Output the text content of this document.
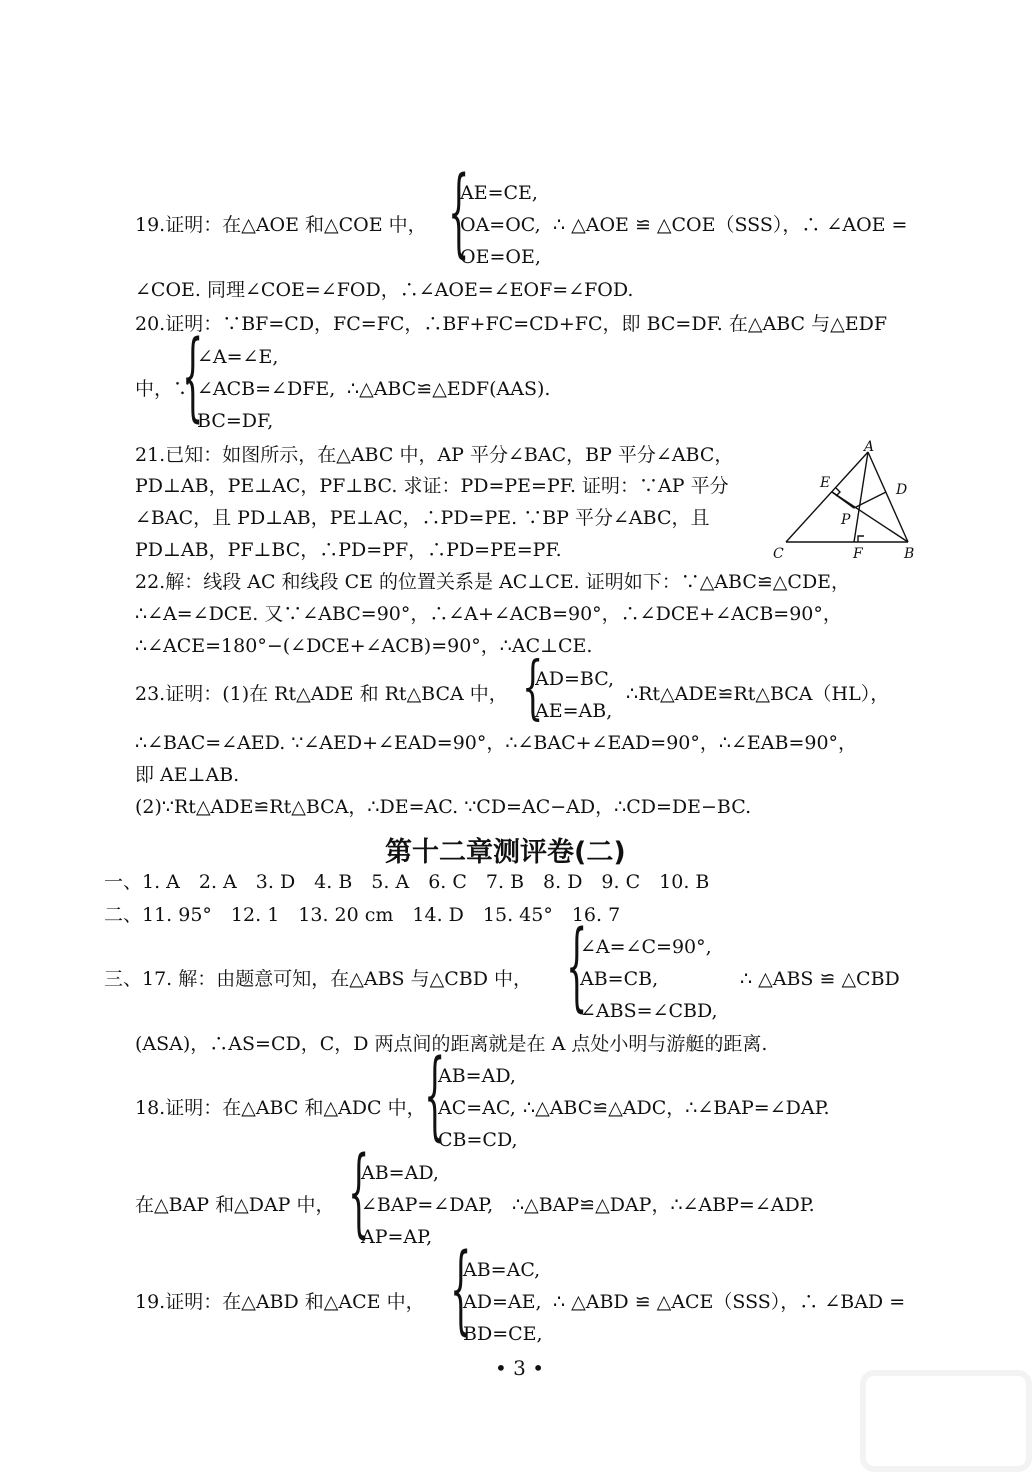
19.证明：在△AOE 和△COE 中， {
AE=CE,
OA=OC,
OE=OE,
∴ △AOE ≌ △COE（SSS），∴ ∠AOE =
∠COE. 同理∠COE=∠FOD，∴∠AOE=∠EOF=∠FOD.
20.证明：∵BF=CD，FC=FC，∴BF+FC=CD+FC，即 BC=DF. 在△ABC 与△EDF
中，∵
{
∠A=∠E,
∠ACB=∠DFE,
BC=DF,
∴△ABC≌△EDF(AAS).
21.已知：如图所示，在△ABC 中，AP 平分∠BAC，BP 平分∠ABC，
PD⊥AB，PE⊥AC，PF⊥BC. 求证：PD=PE=PF. 证明：∵AP 平分
∠BAC，且 PD⊥AB，PE⊥AC，∴PD=PE. ∵BP 平分∠ABC，且
PD⊥AB，PF⊥BC，∴PD=PF，∴PD=PE=PF.
A
E	D
P
C	F	B
22.解：线段 AC 和线段 CE 的位置关系是 AC⊥CE. 证明如下：∵△ABC≌△CDE，
∴∠A=∠DCE. 又∵∠ABC=90°，∴∠A+∠ACB=90°，∴∠DCE+∠ACB=90°，
∴∠ACE=180°−(∠DCE+∠ACB)=90°，∴AC⊥CE.
23.证明：(1)在 Rt△ADE 和 Rt△BCA 中， {
AD=BC,
AE=AB,
∴Rt△ADE≌Rt△BCA（HL），
∴∠BAC=∠AED. ∵∠AED+∠EAD=90°，∴∠BAC+∠EAD=90°，∴∠EAB=90°，
即 AE⊥AB.
(2)∵Rt△ADE≌Rt△BCA，∴DE=AC. ∵CD=AC−AD，∴CD=DE−BC.
第十二章测评卷(二)
一、1. A　2. A　3. D　4. B　5. A　6. C　7. B　8. D　9. C　10. B
二、11. 95°　12. 1　13. 20 cm　14. D　15. 45°　16. 7
三、17. 解：由题意可知，在△ABS 与△CBD 中， {
∠A=∠C=90°,
AB=CB,
∠ABS=∠CBD,
∴ △ABS ≌ △CBD
(ASA)，∴AS=CD，C，D 两点间的距离就是在 A 点处小明与游艇的距离.
18.证明：在△ABC 和△ADC 中，
{
AB=AD,
AC=AC,
CB=CD,
∴△ABC≌△ADC，∴∠BAP=∠DAP.
在△BAP 和△DAP 中， {
AB=AD,
∠BAP=∠DAP,
AP=AP,
∴△BAP≌△DAP，∴∠ABP=∠ADP.
19.证明：在△ABD 和△ACE 中， {
AB=AC,
AD=AE,
BD=CE,
∴ △ABD ≌ △ACE（SSS），∴ ∠BAD =
• 3 •
